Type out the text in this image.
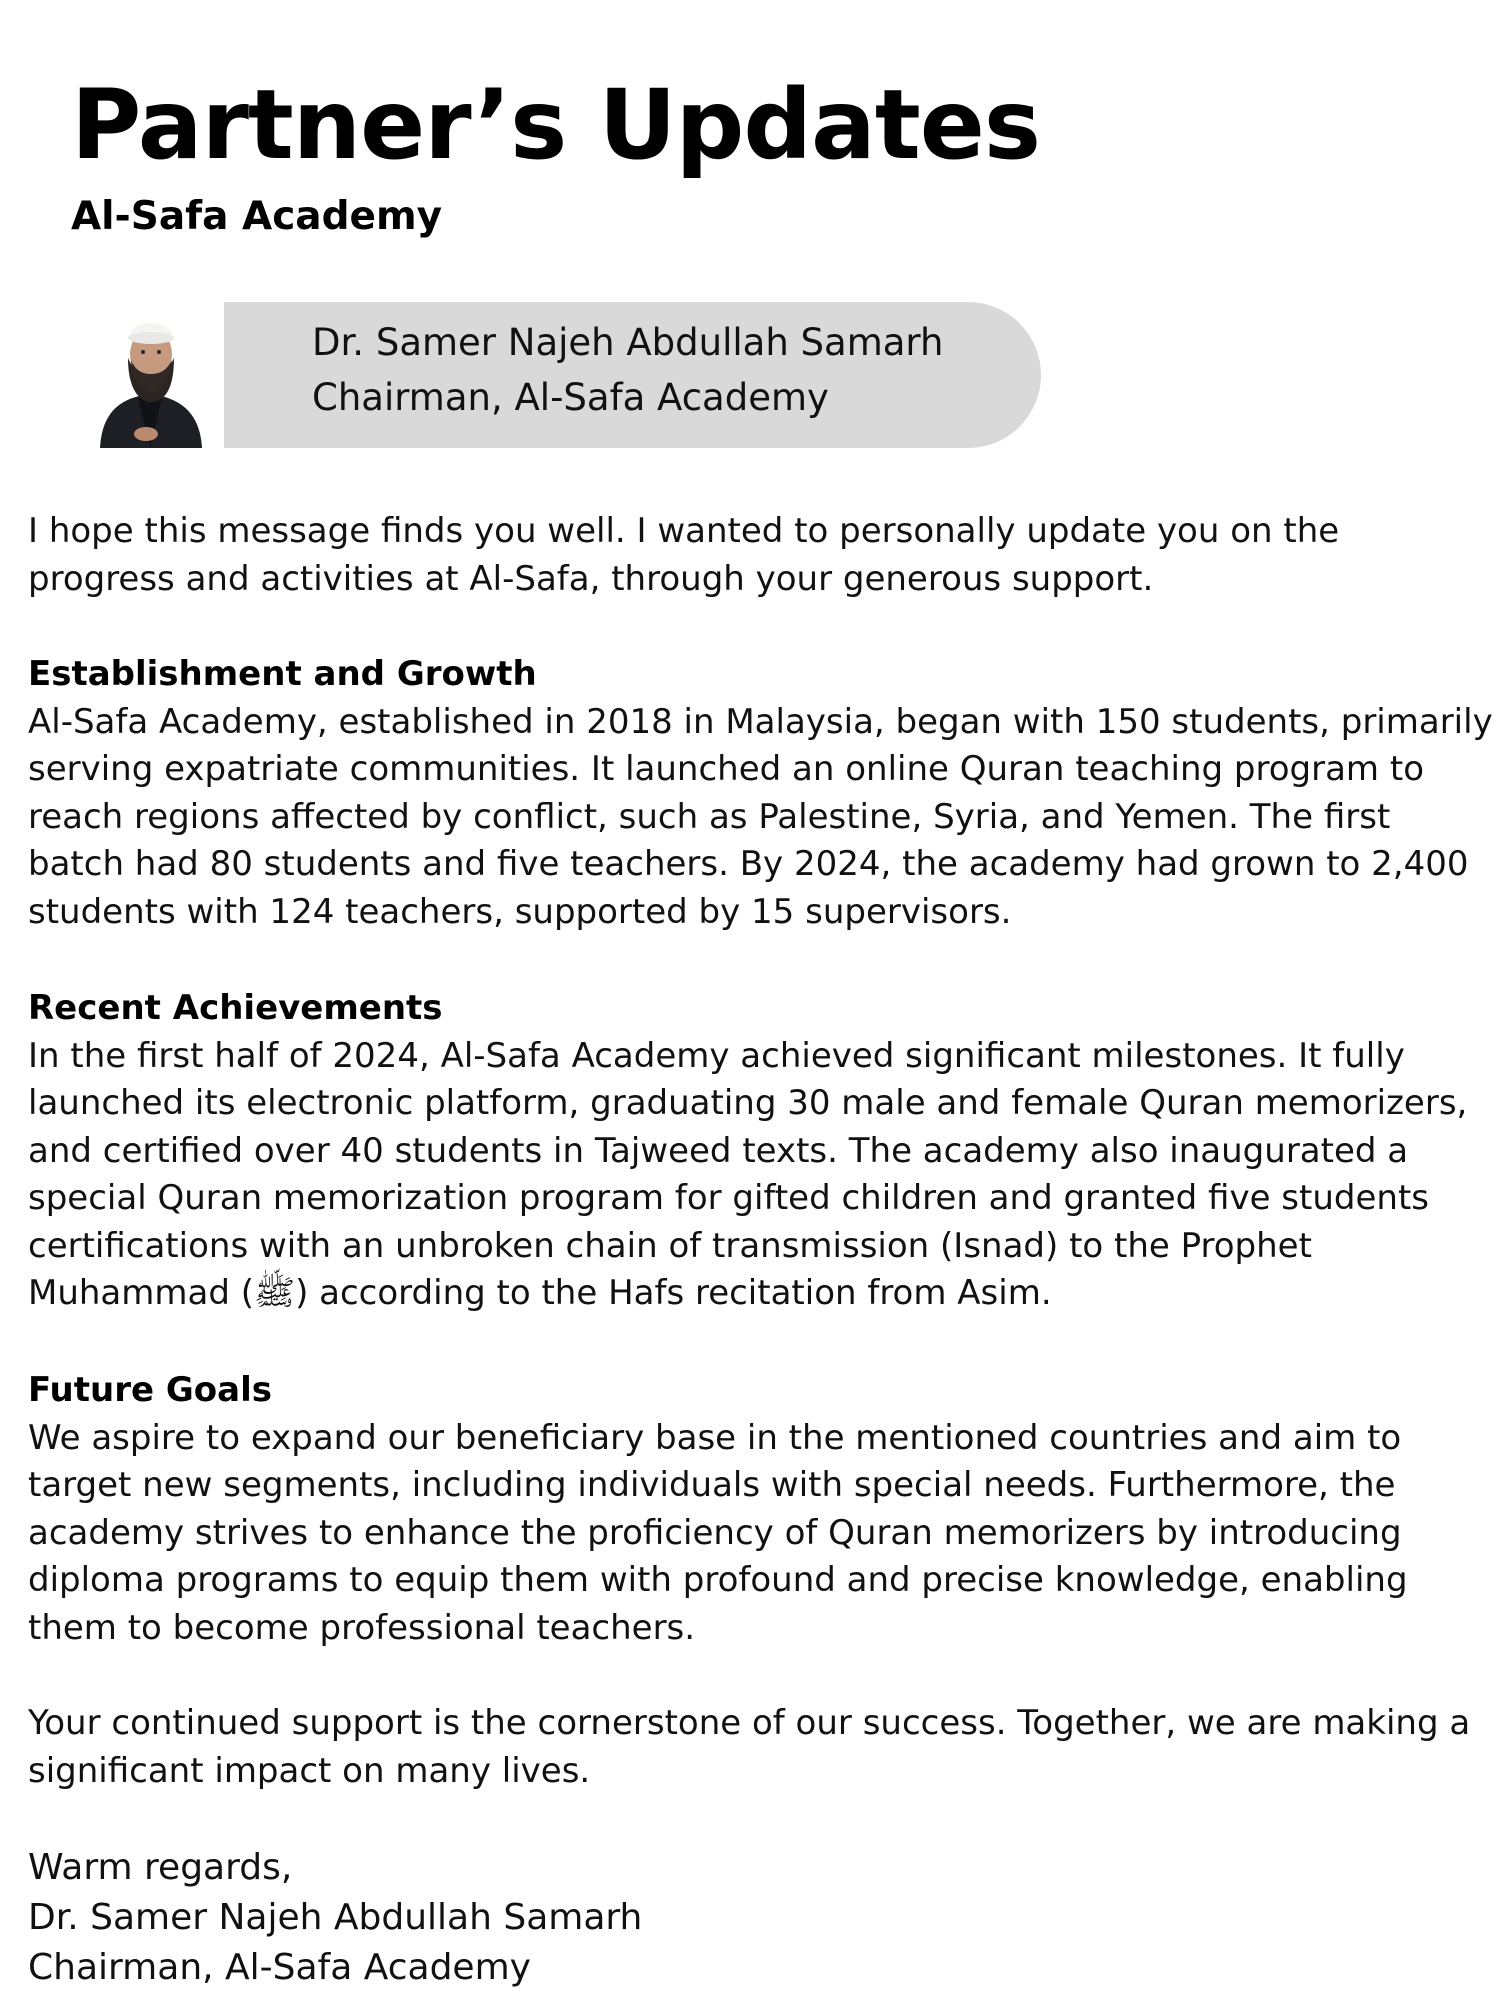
Partner’s Updates
Al-Safa Academy

Dr. Samer Najeh Abdullah Samarh

Chairman, Al-Safa Academy

I hope this message finds you well. I wanted to personally update you on the progress and activities at Al-Safa, through your generous support.

Establishment and Growth

Al-Safa Academy, established in 2018 in Malaysia, began with 150 students, primarily serving expatriate communities. It launched an online Quran teaching program to reach regions affected by conflict, such as Palestine, Syria, and Yemen. The first batch had 80 students and five teachers. By 2024, the academy had grown to 2,400 students with 124 teachers, supported by 15 supervisors.

Recent Achievements

In the first half of 2024, Al-Safa Academy achieved significant milestones. It fully launched its electronic platform, graduating 30 male and female Quran memorizers, and certified over 40 students in Tajweed texts. The academy also inaugurated a special Quran memorization program for gifted children and granted five students certifications with an unbroken chain of transmission (Isnad) to the Prophet Muhammad (ﷺ) according to the Hafs recitation from Asim.

Future Goals

We aspire to expand our beneficiary base in the mentioned countries and aim to target new segments, including individuals with special needs. Furthermore, the academy strives to enhance the proficiency of Quran memorizers by introducing diploma programs to equip them with profound and precise knowledge, enabling them to become professional teachers.

Your continued support is the cornerstone of our success. Together, we are making a significant impact on many lives.

Warm regards,

Dr. Samer Najeh Abdullah Samarh

Chairman, Al-Safa Academy
